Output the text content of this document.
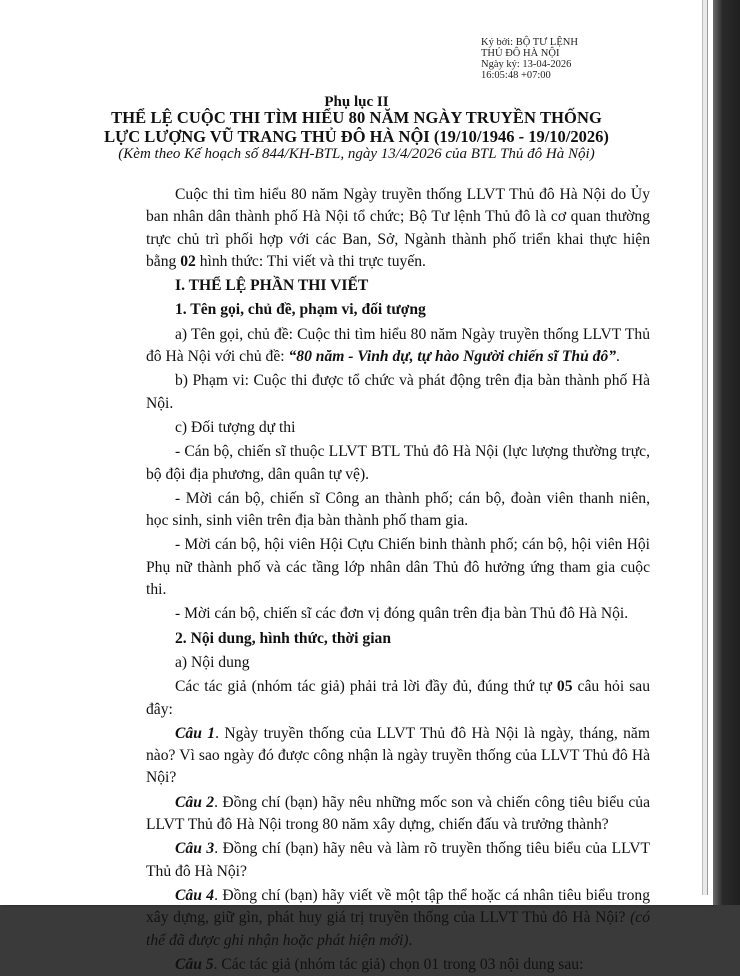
Ký bởi: BỘ TƯ LỆNH
THỦ ĐÔ HÀ NỘI
Ngày ký: 13-04-2026
16:05:48 +07:00
Phụ lục II
THỂ LỆ CUỘC THI TÌM HIỂU 80 NĂM NGÀY TRUYỀN THỐNG
LỰC LƯỢNG VŨ TRANG THỦ ĐÔ HÀ NỘI (19/10/1946 - 19/10/2026)
(Kèm theo Kế hoạch số 844/KH-BTL, ngày 13/4/2026 của BTL Thủ đô Hà Nội)

Cuộc thi tìm hiểu 80 năm Ngày truyền thống LLVT Thủ đô Hà Nội do Ủy ban nhân dân thành phố Hà Nội tổ chức; Bộ Tư lệnh Thủ đô là cơ quan thường trực chủ trì phối hợp với các Ban, Sở, Ngành thành phố triển khai thực hiện bằng 02 hình thức: Thi viết và thi trực tuyến.

I. THỂ LỆ PHẦN THI VIẾT

1. Tên gọi, chủ đề, phạm vi, đối tượng

a) Tên gọi, chủ đề: Cuộc thi tìm hiểu 80 năm Ngày truyền thống LLVT Thủ đô Hà Nội với chủ đề: “80 năm - Vinh dự, tự hào Người chiến sĩ Thủ đô”.

b) Phạm vi: Cuộc thi được tổ chức và phát động trên địa bàn thành phố Hà Nội.

c) Đối tượng dự thi

- Cán bộ, chiến sĩ thuộc LLVT BTL Thủ đô Hà Nội (lực lượng thường trực, bộ đội địa phương, dân quân tự vệ).

- Mời cán bộ, chiến sĩ Công an thành phố; cán bộ, đoàn viên thanh niên, học sinh, sinh viên trên địa bàn thành phố tham gia.

- Mời cán bộ, hội viên Hội Cựu Chiến binh thành phố; cán bộ, hội viên Hội Phụ nữ thành phố và các tầng lớp nhân dân Thủ đô hưởng ứng tham gia cuộc thi.

- Mời cán bộ, chiến sĩ các đơn vị đóng quân trên địa bàn Thủ đô Hà Nội.

2. Nội dung, hình thức, thời gian

a) Nội dung

Các tác giả (nhóm tác giả) phải trả lời đầy đủ, đúng thứ tự 05 câu hỏi sau đây:

Câu 1. Ngày truyền thống của LLVT Thủ đô Hà Nội là ngày, tháng, năm nào? Vì sao ngày đó được công nhận là ngày truyền thống của LLVT Thủ đô Hà Nội?

Câu 2. Đồng chí (bạn) hãy nêu những mốc son và chiến công tiêu biểu của LLVT Thủ đô Hà Nội trong 80 năm xây dựng, chiến đấu và trưởng thành?

Câu 3. Đồng chí (bạn) hãy nêu và làm rõ truyền thống tiêu biểu của LLVT Thủ đô Hà Nội?

Câu 4. Đồng chí (bạn) hãy viết về một tập thể hoặc cá nhân tiêu biểu trong xây dựng, giữ gìn, phát huy giá trị truyền thống của LLVT Thủ đô Hà Nội? (có thể đã được ghi nhận hoặc phát hiện mới).

Câu 5. Các tác giả (nhóm tác giả) chọn 01 trong 03 nội dung sau:
